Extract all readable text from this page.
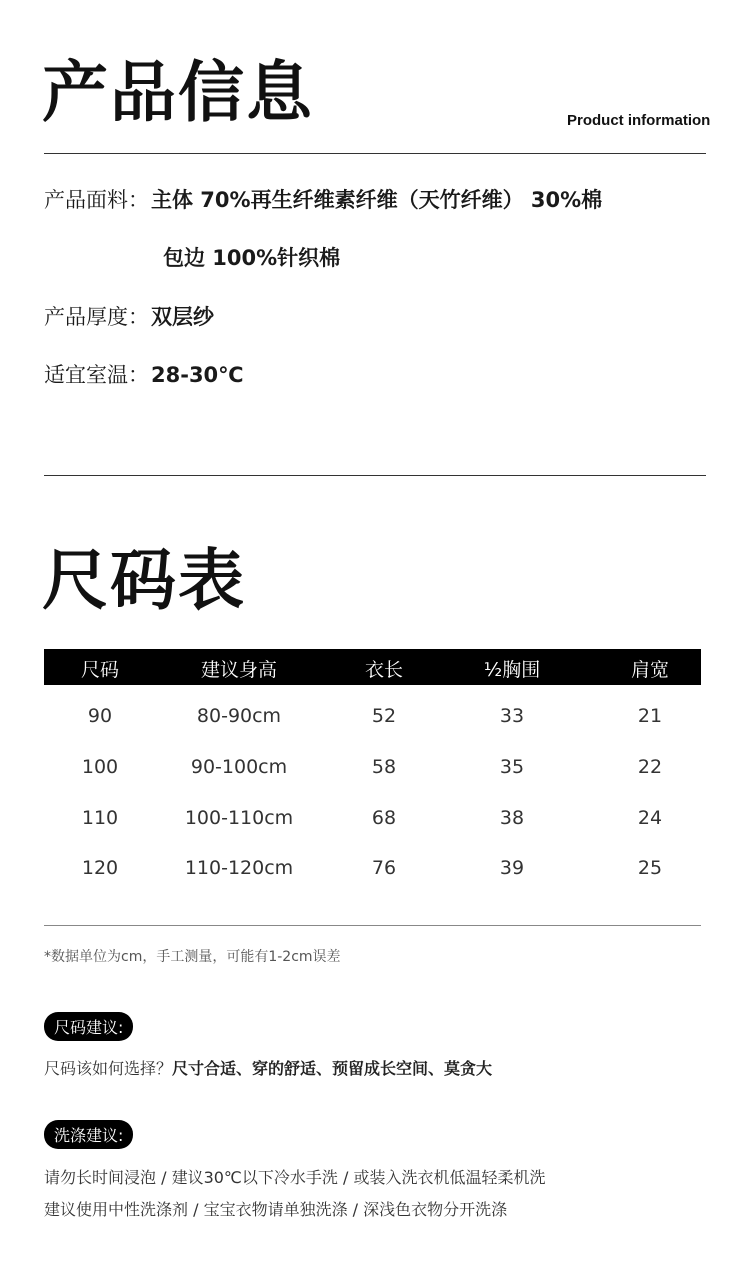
产品信息	Product information
产品面料：主体 70%再生纤维素纤维（天竹纤维） 30%棉
包边 100%针织棉
产品厚度：双层纱
适宜室温：28-30℃
尺码表
尺码	建议身高	衣长	½胸围	肩宽
90	80-90cm	52	33	21
100	90-100cm	58	35	22
110	100-110cm	68	38	24
120	110-120cm	76	39	25
*数据单位为cm，手工测量，可能有1-2cm误差
尺码建议:
尺码该如何选择？尺寸合适、穿的舒适、预留成长空间、莫贪大
洗涤建议:
请勿长时间浸泡 / 建议30℃以下冷水手洗 / 或装入洗衣机低温轻柔机洗
建议使用中性洗涤剂 / 宝宝衣物请单独洗涤 / 深浅色衣物分开洗涤
